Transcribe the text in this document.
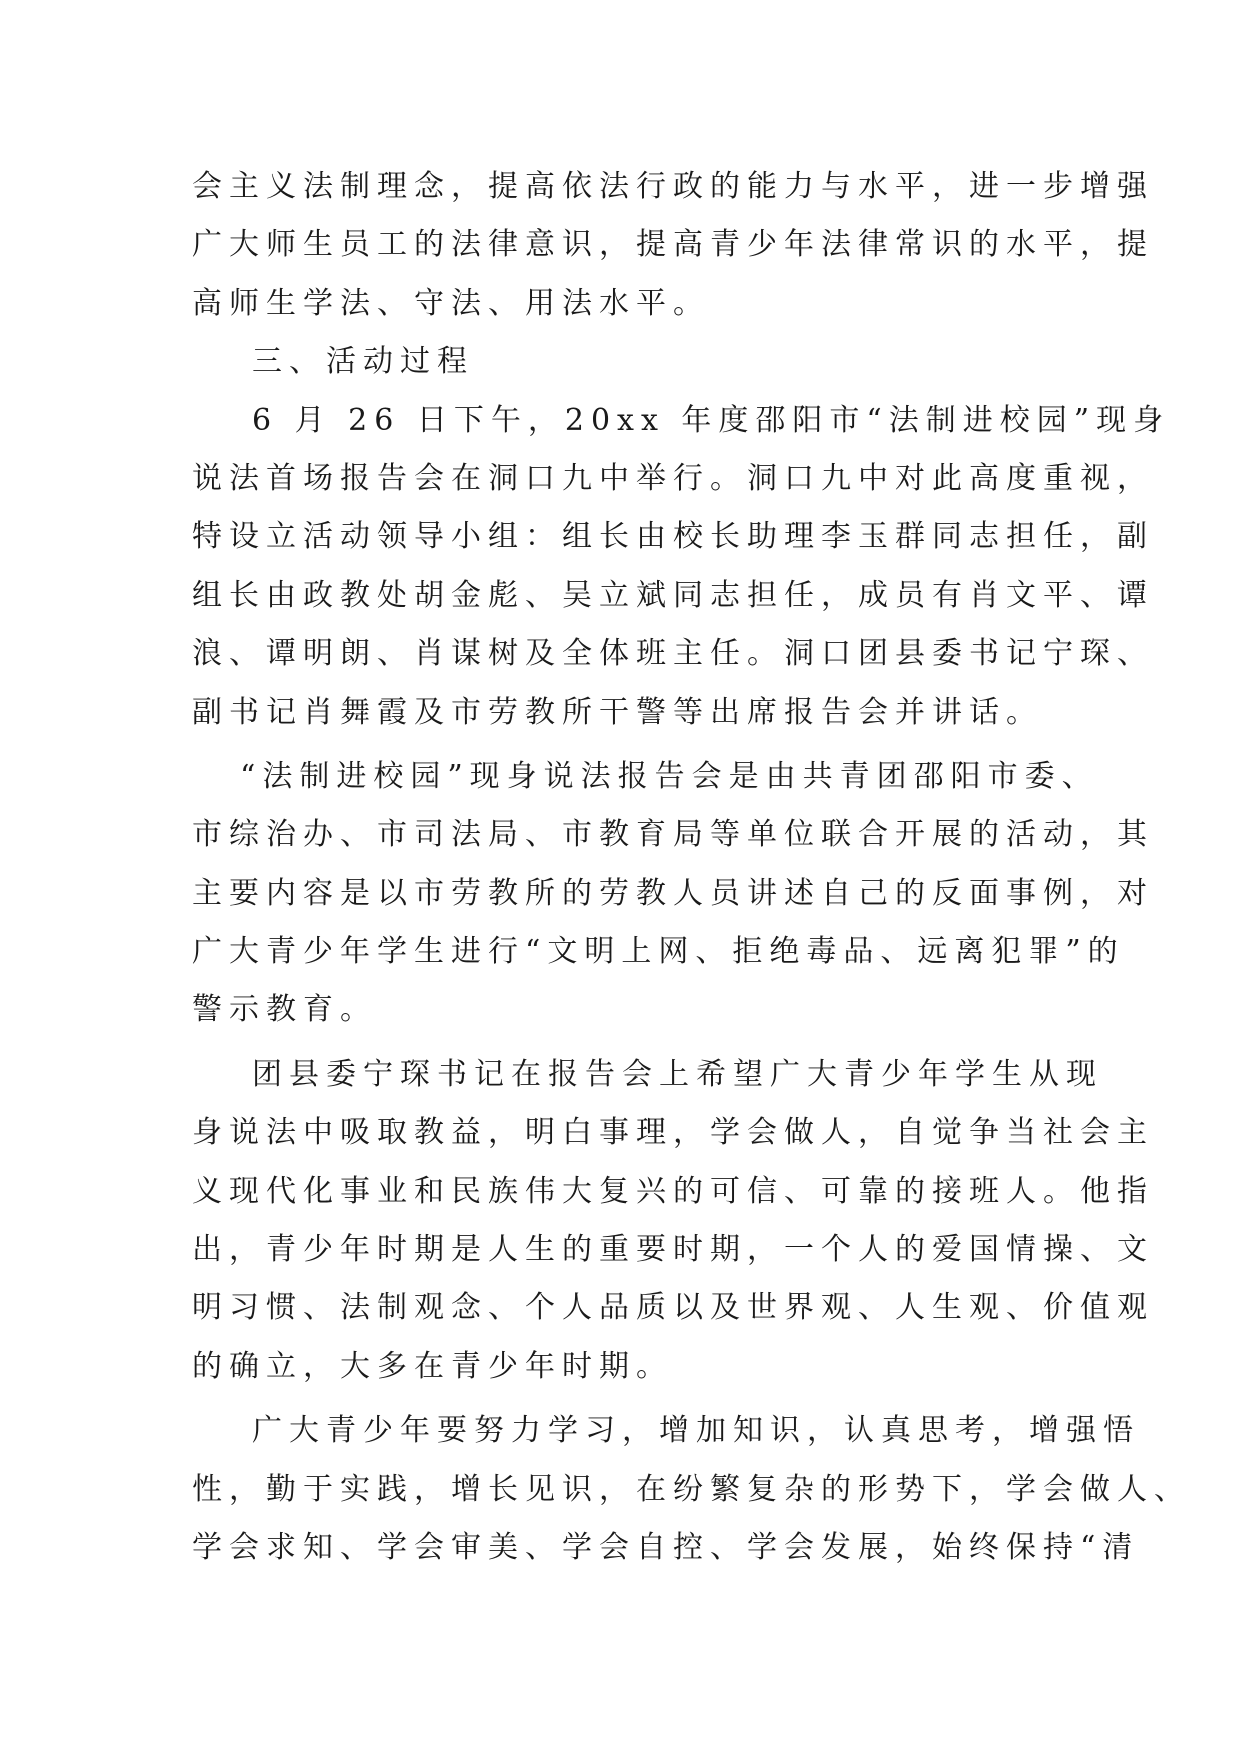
会主义法制理念，提高依法行政的能力与水平，进一步增强
广大师生员工的法律意识，提高青少年法律常识的水平，提
高师生学法、守法、用法水平。
三、活动过程
6 月 26 日下午，20xx 年度邵阳市“法制进校园”现身
说法首场报告会在洞口九中举行。洞口九中对此高度重视，
特设立活动领导小组：组长由校长助理李玉群同志担任，副
组长由政教处胡金彪、吴立斌同志担任，成员有肖文平、谭
浪、谭明朗、肖谋树及全体班主任。洞口团县委书记宁琛、
副书记肖舞霞及市劳教所干警等出席报告会并讲话。
“法制进校园”现身说法报告会是由共青团邵阳市委、
市综治办、市司法局、市教育局等单位联合开展的活动，其
主要内容是以市劳教所的劳教人员讲述自己的反面事例，对
广大青少年学生进行“文明上网、拒绝毒品、远离犯罪”的
警示教育。
团县委宁琛书记在报告会上希望广大青少年学生从现
身说法中吸取教益，明白事理，学会做人，自觉争当社会主
义现代化事业和民族伟大复兴的可信、可靠的接班人。他指
出，青少年时期是人生的重要时期，一个人的爱国情操、文
明习惯、法制观念、个人品质以及世界观、人生观、价值观
的确立，大多在青少年时期。
广大青少年要努力学习，增加知识，认真思考，增强悟
性，勤于实践，增长见识，在纷繁复杂的形势下，学会做人、
学会求知、学会审美、学会自控、学会发展，始终保持“清
